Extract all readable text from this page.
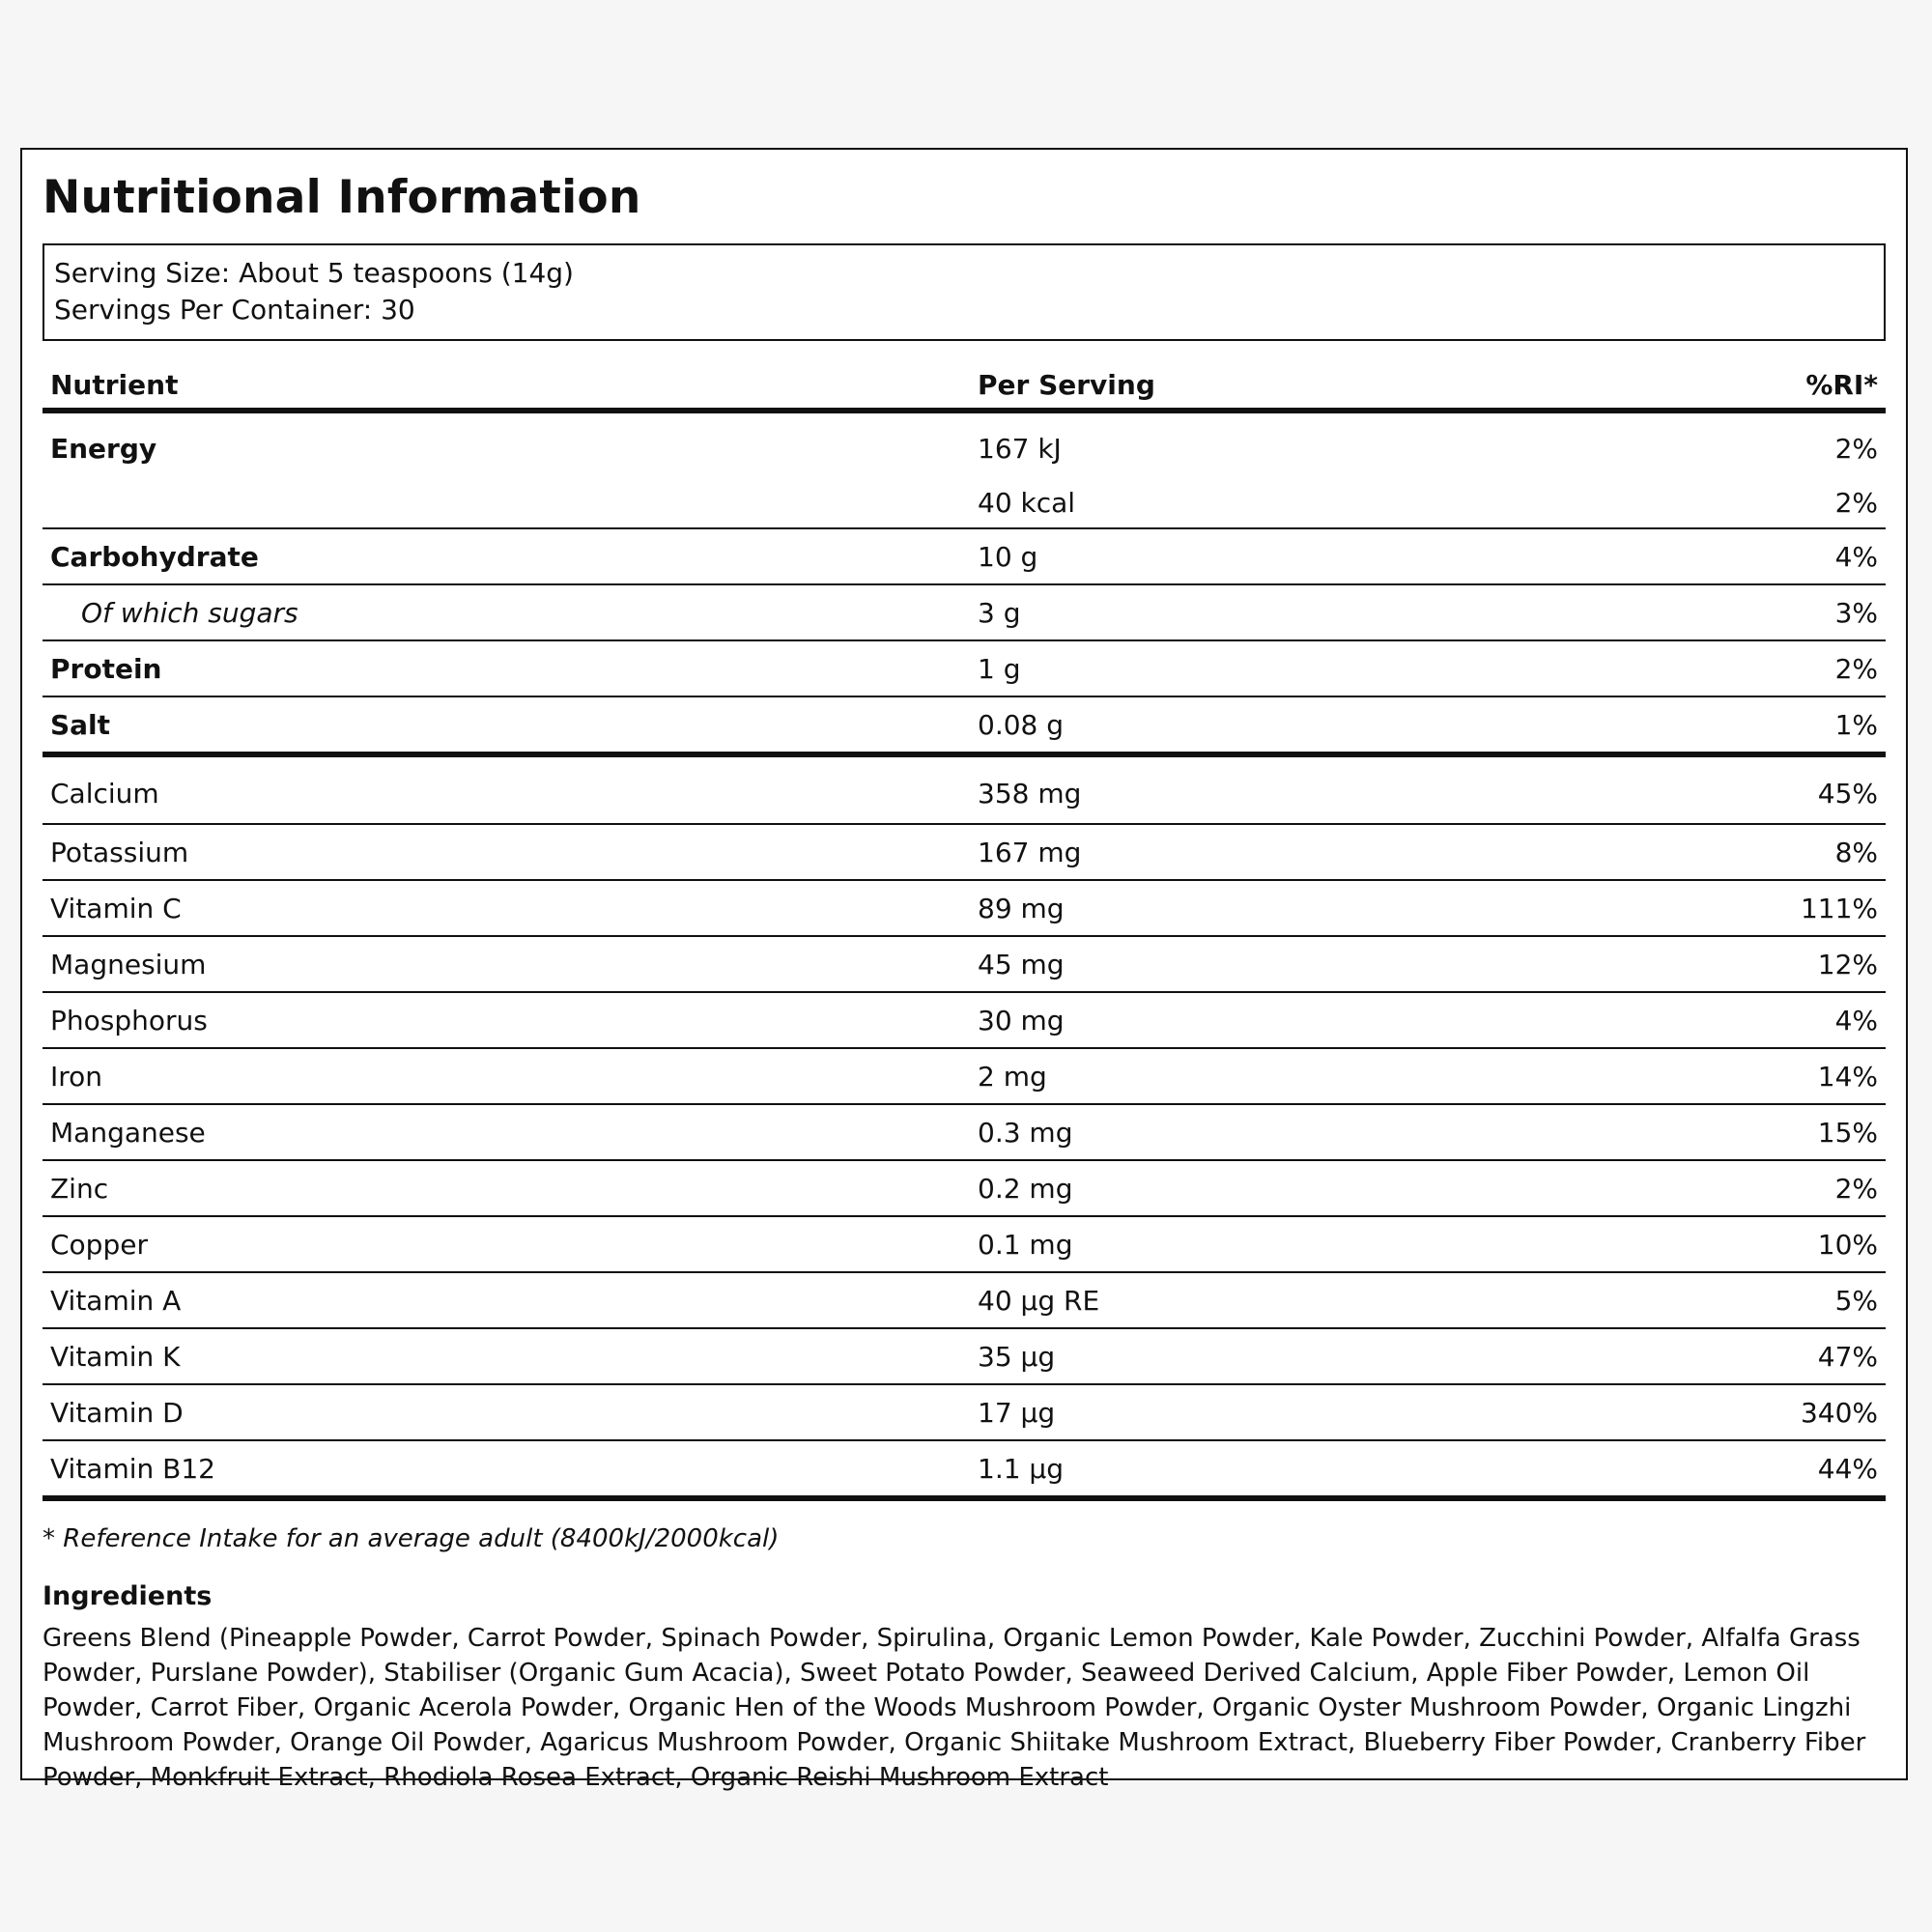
Nutritional Information
Serving Size: About 5 teaspoons (14g)
Servings Per Container: 30
Nutrient	Per Serving	%RI*
Energy	167 kJ	2%
	40 kcal	2%
Carbohydrate	10 g	4%
Of which sugars	3 g	3%
Protein	1 g	2%
Salt	0.08 g	1%
Calcium	358 mg	45%
Potassium	167 mg	8%
Vitamin C	89 mg	111%
Magnesium	45 mg	12%
Phosphorus	30 mg	4%
Iron	2 mg	14%
Manganese	0.3 mg	15%
Zinc	0.2 mg	2%
Copper	0.1 mg	10%
Vitamin A	40 µg RE	5%
Vitamin K	35 µg	47%
Vitamin D	17 µg	340%
Vitamin B12	1.1 µg	44%
* Reference Intake for an average adult (8400kJ/2000kcal)
Ingredients
Greens Blend (Pineapple Powder, Carrot Powder, Spinach Powder, Spirulina, Organic Lemon Powder, Kale Powder, Zucchini Powder, Alfalfa Grass Powder, Purslane Powder), Stabiliser (Organic Gum Acacia), Sweet Potato Powder, Seaweed Derived Calcium, Apple Fiber Powder, Lemon Oil Powder, Carrot Fiber, Organic Acerola Powder, Organic Hen of the Woods Mushroom Powder, Organic Oyster Mushroom Powder, Organic Lingzhi Mushroom Powder, Orange Oil Powder, Agaricus Mushroom Powder, Organic Shiitake Mushroom Extract, Blueberry Fiber Powder, Cranberry Fiber Powder, Monkfruit Extract, Rhodiola Rosea Extract, Organic Reishi Mushroom Extract
